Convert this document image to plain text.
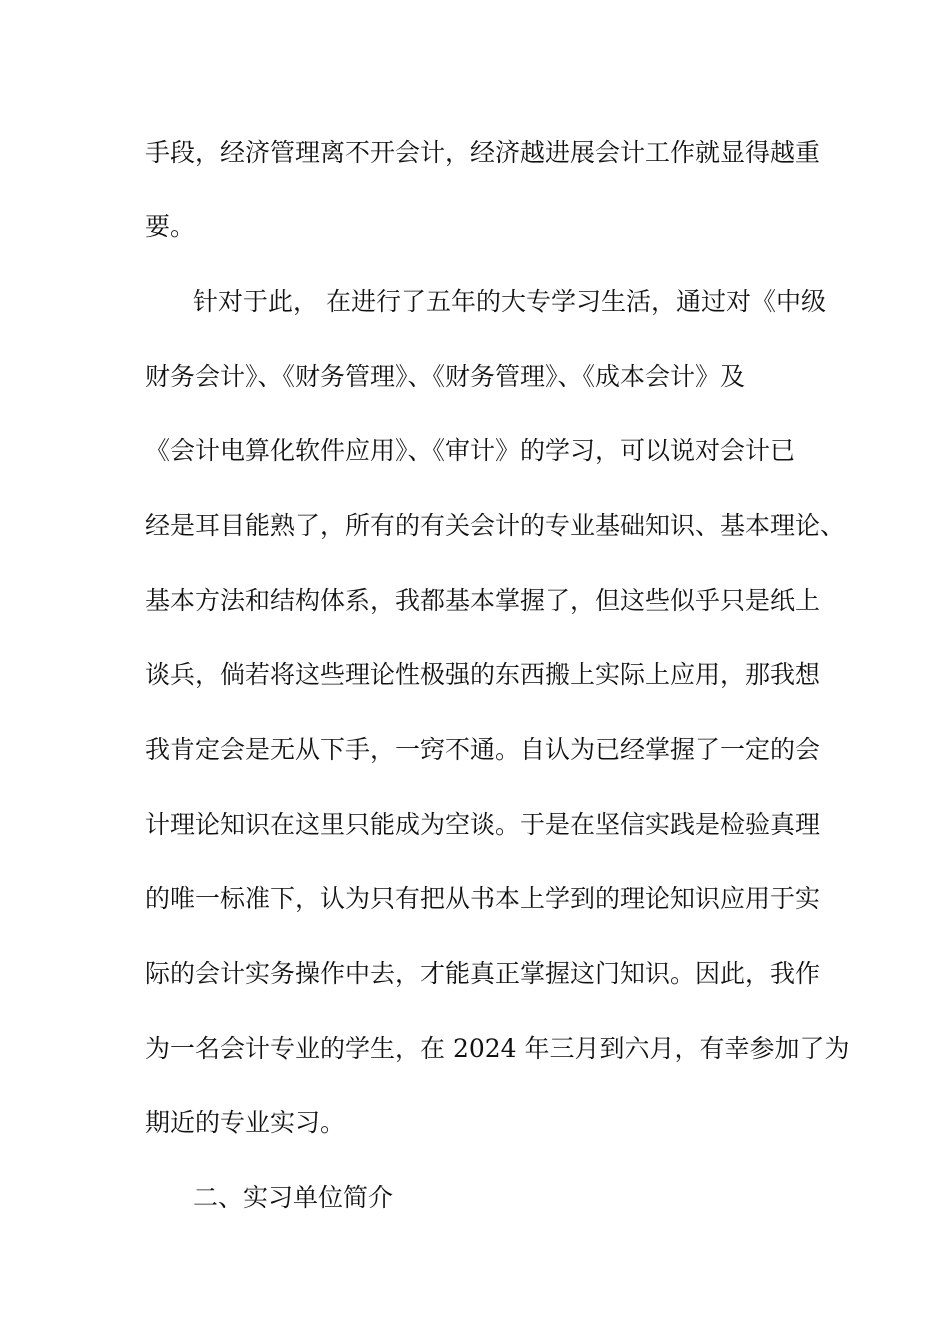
手段，经济管理离不开会计，经济越进展会计工作就显得越重
要。
针对于此， 在进行了五年的大专学习生活，通过对《中级
财务会计》、《财务管理》、《财务管理》、《成本会计》及
《会计电算化软件应用》、《审计》的学习，可以说对会计已
经是耳目能熟了，所有的有关会计的专业基础知识、基本理论、
基本方法和结构体系，我都基本掌握了，但这些似乎只是纸上
谈兵，倘若将这些理论性极强的东西搬上实际上应用，那我想
我肯定会是无从下手，一窍不通。自认为已经掌握了一定的会
计理论知识在这里只能成为空谈。于是在坚信实践是检验真理
的唯一标准下，认为只有把从书本上学到的理论知识应用于实
际的会计实务操作中去，才能真正掌握这门知识。因此，我作
为一名会计专业的学生，在 2024 年三月到六月，有幸参加了为
期近的专业实习。
二、实习单位简介
